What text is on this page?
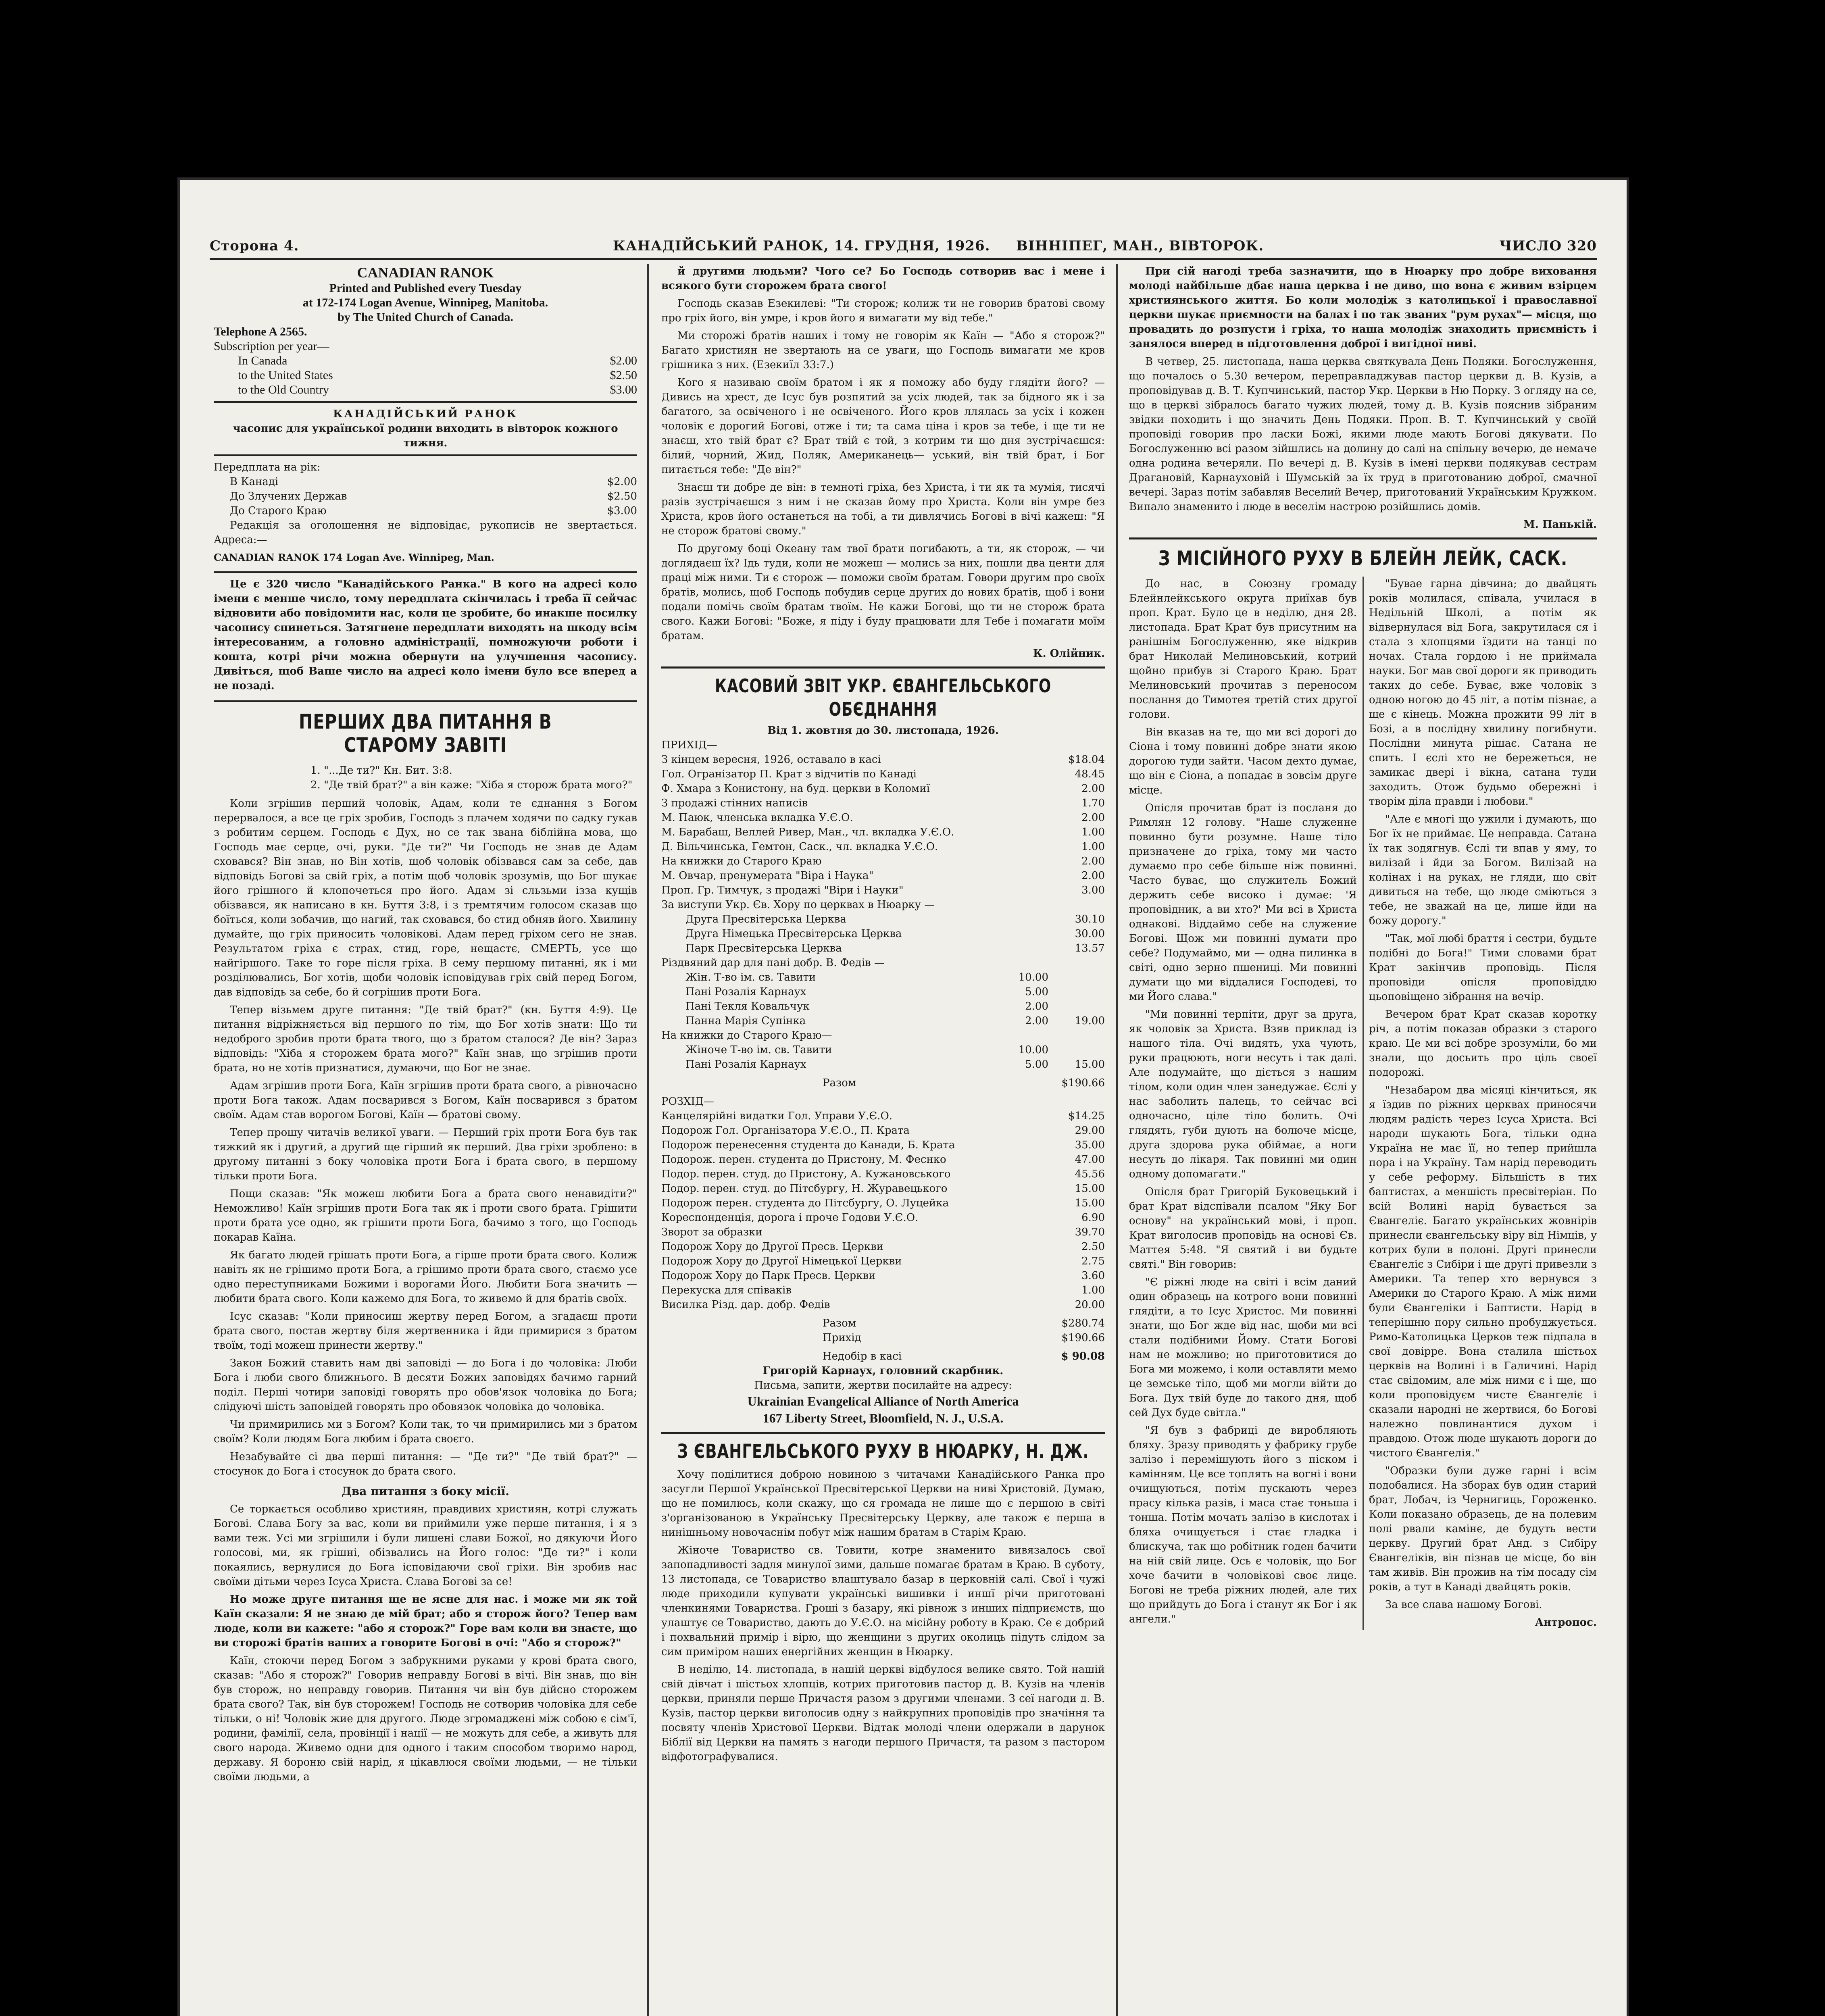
Сторона 4.	КАНАДІЙСЬКИЙ РАНОК, 14. ГРУДНЯ, 1926. ВІННІПЕГ, МАН., ВІВТОРОК.	ЧИСЛО 320
CANADIAN RANOK
Printed and Published every Tuesday
at 172-174 Logan Avenue, Winnipeg, Manitoba.
by The United Church of Canada.
Telephone A 2565.
Subscription per year—
In Canada	$2.00
to the United States	$2.50
to the Old Country	$3.00
КАНАДІЙСЬКИЙ РАНОК
часопис для української родини виходить в вівторок кожного тижня.
Передплата на рік:
В Канаді	$2.00
До Злучених Держав	$2.50
До Старого Краю	$3.00

Редакція за оголошення не відповідає, рукописів не звертається. Адреса:—

CANADIAN RANOK 174 Logan Ave. Winnipeg, Man.

Це є 320 число "Канадійського Ранка." В кого на адресі коло імени є менше число, тому передплата скінчилась і треба її сейчас відновити або повідомити нас, коли це зробите, бо инакше посилку часопису спинеться. Затягнене передплати виходять на шкоду всім інтересованим, а головно адміністрації, помножуючи роботи і кошта, котрі річи можна обернути на улучшення часопису. Дивіться, щоб Ваше число на адресі коло імени було все вперед а не позаді.

ПЕРШИХ ДВА ПИТАННЯ В СТАРОМУ ЗАВІТІ
1. "...Де ти?" Кн. Бит. 3:8.
2. "Де твій брат?" а він каже: "Хіба я сторож брата мого?"

Коли згрішив перший чоловік, Адам, коли те єднання з Богом перервалося, а все це гріх зробив, Господь з плачем ходячи по садку гукав з робитим серцем. Господь є Дух, но се так звана біблійна мова, що Господь має серце, очі, руки. "Де ти?" Чи Господь не знав де Адам сховався? Він знав, но Він хотів, щоб чоловік обізвався сам за себе, дав відповідь Богові за свій гріх, а потім щоб чоловік зрозумів, що Бог шукає його грішного й клопочеться про його. Адам зі сльзьми ізза кущів обізвався, як написано в кн. Буття 3:8, і з тремтячим голосом сказав що боїться, коли зобачив, що нагий, так сховався, бо стид обняв його. Хвилину думайте, що гріх приносить чоловікові. Адам перед гріхом сего не знав. Результатом гріха є страх, стид, горе, нещастє, СМЕРТЬ, усе що найгіршого. Таке то горе після гріха. В сему першому питанні, як і ми розділювались, Бог хотів, щоби чоловік ісповідував гріх свій перед Богом, дав відповідь за себе, бо й согрішив проти Бога.

Тепер візьмем друге питання: "Де твій брат?" (кн. Буття 4:9). Це питання відріжняється від першого по тім, що Бог хотів знати: Що ти недоброго зробив проти брата твого, що з братом сталося? Де він? Зараз відповідь: "Хіба я сторожем брата мого?" Каїн знав, що згрішив проти брата, но не хотів признатися, думаючи, що Бог не знає.

Адам згрішив проти Бога, Каїн згрішив проти брата свого, а рівночасно проти Бога також. Адам посварився з Богом, Каїн посварився з братом своїм. Адам став ворогом Богові, Каїн — братові свому.

Тепер прошу читачів великої уваги. — Перший гріх проти Бога був так тяжкий як і другий, а другий ще гірший як перший. Два гріхи зроблено: в другому питанні з боку чоловіка проти Бога і брата свого, в першому тільки проти Бога.

Пощи сказав: "Як можеш любити Бога а брата свого ненавидіти?" Неможливо! Каїн згрішив проти Бога так як і проти свого брата. Грішити проти брата усе одно, як грішити проти Бога, бачимо з того, що Господь покарав Каїна.

Як багато людей грішать проти Бога, а гірше проти брата свого. Колиж навіть як не грішимо проти Бога, а грішимо проти брата свого, стаємо усе одно переступниками Божими і ворогами Його. Любити Бога значить — любити брата свого. Коли кажемо для Бога, то живемо й для братів своїх.

Ісус сказав: "Коли приносиш жертву перед Богом, а згадаєш проти брата свого, постав жертву біля жертвенника і йди примирися з братом твоїм, тоді можеш принести жертву."

Закон Божий ставить нам дві заповіді — до Бога і до чоловіка: Люби Бога і люби свого ближнього. В десяти Божих заповідях бачимо гарний поділ. Перші чотири заповіді говорять про обов'язок чоловіка до Бога; слідуючі шість заповідей говорять про обовязок чоловіка до чоловіка.

Чи примирились ми з Богом? Коли так, то чи примирились ми з братом своїм? Коли людям Бога любим і брата своєго.

Незабувайте сі два перші питання: — "Де ти?" "Де твій брат?" — стосунок до Бога і стосунок до брата свого.

Два питання з боку місії.

Се торкається особливо християн, правдивих християн, котрі служать Богові. Слава Богу за вас, коли ви приймили уже перше питання, і я з вами теж. Усі ми згрішили і були лишені слави Божої, но дякуючи Його голосові, ми, як грішні, обізвались на Його голос: "Де ти?" і коли покаялись, вернулися до Бога ісповідаючи свої гріхи. Він зробив нас своїми дітьми через Ісуса Христа. Слава Богові за се!

Но може друге питання ще не ясне для нас. і може ми як той Каїн сказали: Я не знаю де мій брат; або я сторож його? Тепер вам люде, коли ви кажете: "або я сторож?" Горе вам коли ви знаєте, що ви сторожі братів ваших а говорите Богові в очі: "Або я сторож?"

Каїн, стоючи перед Богом з забрукними руками у крові брата свого, сказав: "Або я сторож?" Говорив неправду Богові в вічі. Він знав, що він був сторож, но неправду говорив. Питання чи він був дійсно сторожем брата свого? Так, він був сторожем! Господь не сотворив чоловіка для себе тільки, о ні! Чоловік жие для другого. Люде згромаджені між собою є сім'ї, родини, фамілії, села, провінції і нації — не можуть для себе, а живуть для свого народа. Живемо одни для одного і таким способом творимо народ, державу. Я бороню свій нарід, я цікавлюся своїми людьми, — не тільки своїми людьми, а

й другими людьми? Чого се? Бо Господь сотворив вас і мене і всякого бути сторожем брата свого!

Господь сказав Езекилеві: "Ти сторож; колиж ти не говорив братові свому про гріх його, він умре, і кров його я вимагати му від тебе."

Ми сторожі братів наших і тому не говорім як Каїн — "Або я сторож?" Багато християн не звертають на се уваги, що Господь вимагати ме кров грішника з них. (Езекиїл 33:7.)

Кого я називаю своїм братом і як я поможу або буду глядіти його? — Дивись на хрест, де Ісус був розпятий за усіх людей, так за бідного як і за багатого, за освіченого і не освіченого. Його кров ллялась за усіх і кожен чоловік є дорогий Богові, отже і ти; та сама ціна і кров за тебе, і ще ти не знаєш, хто твій брат є? Брат твій є той, з котрим ти що дня зустрічаєшся: білий, чорний, Жид, Поляк, Американець— уський, він твій брат, і Бог питається тебе: "Де він?"

Знаєш ти добре де він: в темноті гріха, без Христа, і ти як та мумія, тисячі разів зустрічаєшся з ним і не сказав йому про Христа. Коли він умре без Христа, кров його останеться на тобі, а ти дивлячись Богові в вічі кажеш: "Я не сторож братові свому."

По другому боці Океану там твої брати погибають, а ти, як сторож, — чи доглядаєш їх? Ідь туди, коли не можеш — молись за них, пошли два центи для праці між ними. Ти є сторож — поможи своїм братам. Говори другим про своїх братів, молись, щоб Господь побудив серце других до нових братів, щоб і вони подали помічь своїм братам твоїм. Не кажи Богові, що ти не сторож брата свого. Кажи Богові: "Боже, я піду і буду працювати для Тебе і помагати моїм братам.

К. Олійник.
КАСОВИЙ ЗВІТ УКР. ЄВАНГЕЛЬСЬКОГО ОБЄДНАННЯ
Від 1. жовтня до 30. листопада, 1926.
ПРИХІД—
З кінцем вересня, 1926, оставало в касі	$18.04
Гол. Огранізатор П. Крат з відчитів по Канаді	48.45
Ф. Хмара з Конистону, на буд. церкви в Коломиї	2.00
З продажі стінних написів	1.70
М. Паюк, членська вкладка У.Є.О.	2.00
М. Барабаш, Веллей Ривер, Ман., чл. вкладка У.Є.О.	1.00
Д. Вільчинська, Гемтон, Саск., чл. вкладка У.Є.О.	1.00
На книжки до Старого Краю	2.00
М. Овчар, пренумерата "Віра і Наука"	2.00
Проп. Гр. Тимчук, з продажі "Віри і Науки"	3.00
За виступи Укр. Єв. Хору по церквах в Нюарку —
Друга Пресвітерська Церква	30.10
Друга Німецька Пресвітерська Церква	30.00
Парк Пресвітерська Церква	13.57
Різдвяний дар для пані добр. В. Федів —
Жін. Т-во ім. св. Тавити	10.00
Пані Розалія Карнаух	5.00
Пані Текля Ковальчук	2.00
Панна Марія Супінка	2.00	19.00
На книжки до Старого Краю—
Жіноче Т-во ім. св. Тавити	10.00
Пані Розалія Карнаух	5.00	15.00
Разом	$190.66
РОЗХІД—
Канцелярійні видатки Гол. Управи У.Є.О.	$14.25
Подорож Гол. Організатора У.Є.О., П. Крата	29.00
Подорож перенесення студента до Канади, Б. Крата	35.00
Подорож. перен. студента до Пристону, М. Феснко	47.00
Подор. перен. студ. до Пристону, А. Кужановського	45.56
Подор. перен. студ. до Пітсбургу, Н. Журавецького	15.00
Подорож перен. студента до Пітсбургу, О. Луцейка	15.00
Кореспонденція, дорога і проче Годови У.Є.О.	6.90
Зворот за образки	39.70
Подорож Хору до Другої Пресв. Церкви	2.50
Подорож Хору до Другої Німецької Церкви	2.75
Подорож Хору до Парк Пресв. Церкви	3.60
Перекуска для співаків	1.00
Висилка Різд. дар. добр. Федів	20.00
Разом	$280.74
Прихід	$190.66
Недобір в касі	$ 90.08
Григорій Карнаух, головний скарбник.
Письма, запити, жертви посилайте на адресу:
Ukrainian Evangelical Alliance of North America
167 Liberty Street, Bloomfield, N. J., U.S.A.
З ЄВАНГЕЛЬСЬКОГО РУХУ В НЮАРКУ, Н. ДЖ.

Хочу поділитися доброю новиною з читачами Канадійського Ранка про засугли Першої Української Пресвітерської Церкви на ниві Христовій. Думаю, що не помилюсь, коли скажу, що ся громада не лише що є першою в світі з'організованою в Українську Пресвітерську Церкву, але також є перша в нинішньому новочаснім побут між нашим братам в Старім Краю.

Жіноче Товариство св. Товити, котре знаменито вивязалось свої запопадливості задля минулої зими, дальше помагає братам в Краю. В суботу, 13 листопада, се Товариство влаштувало базар в церковній салі. Свої і чужі люде приходили купувати українські вишивки і иншї річи приготовані членкинями Товариства. Гроші з базару, які рівнож з инших підприємств, що улаштує се Товариство, дають до У.Є.О. на місійну роботу в Краю. Се є добрий і похвальний примір і вірю, що женщини з других околиць підуть слідом за сим приміром наших енергійних женщин в Нюарку.

В неділю, 14. листопада, в нашій церкві відбулося велике свято. Той нашій свій дівчат і шістьох хлопців, котрих приготовив пастор д. В. Кузів на членів церкви, приняли перше Причастя разом з другими членами. З сеї нагоди д. В. Кузів, пастор церкви виголосив одну з найкрупних проповідів про значіння та посвяту членів Христової Церкви. Відтак молоді члени одержали в дарунок Біблії від Церкви на память з нагоди першого Причастя, та разом з пастором відфотографувалися.

При сій нагоді треба зазначити, що в Нюарку про добре виховання молоді найбільше дбає наша церква і не диво, що вона є живим взірцем християнського життя. Бо коли молодіж з католицької і православної церкви шукає приємности на балах і по так званих "рум рухах"— місця, що провадить до розпусти і гріха, то наша молодіж знаходить приємність і занялося вперед в підготовлення доброї і вигідної ниві.

В четвер, 25. листопада, наша церква святкувала День Подяки. Богослуження, що почалось о 5.30 вечером, переправладжував пастор церкви д. В. Кузів, а проповідував д. В. Т. Купчинський, пастор Укр. Церкви в Ню Порку. З огляду на се, що в церкві зібралось багато чужих людей, тому д. В. Кузів пояснив зібраним звідки походить і що значить День Подяки. Проп. В. Т. Купчинський у своїй проповіді говорив про ласки Божі, якими люде мають Богові дякувати. По Богослуженню всі разом зійшлись на долину до салі на спільну вечерю, де немаче одна родина вечеряли. По вечері д. В. Кузів в імені церкви подякував сестрам Драгановій, Карнауховій і Шумській за їх труд в приготованию доброї, смачної вечері. Зараз потім забавляв Веселий Вечер, приготований Українським Кружком. Випало знаменито і люде в веселім настрою розійшлись домів.

М. Панькій.
З МІСІЙНОГО РУХУ В БЛЕЙН ЛЕЙК, САСК.

До нас, в Союзну громаду Блейнлейкського округа приїхав був проп. Крат. Було це в неділю, дня 28. листопада. Брат Крат був присутним на ранішнім Богослуженню, яке відкрив брат Николай Мелиновський, котрий щойно прибув зі Старого Краю. Брат Мелиновський прочитав з переносом послання до Тимотея третій стих другої голови.

Він вказав на те, що ми всі дорогі до Сіона і тому повинні добре знати якою дорогою туди зайти. Часом дехто думає, що він є Сіона, а попадає в зовсім друге місце.

Опісля прочитав брат із посланя до Римлян 12 голову. "Наше служенне повинно бути розумне. Наше тіло призначене до гріха, тому ми часто думаємо про себе більше ніж повинні. Часто буває, що служитель Божий держить себе високо і думає: 'Я проповідник, а ви хто?' Ми всі в Христа однакові. Віддаймо себе на служение Богові. Щож ми повинні думати про себе? Подумаймо, ми — одна пилинка в світі, одно зерно пшениці. Ми повинні думати що ми віддалися Господеві, то ми Його слава."

"Ми повинні терпіти, друг за друга, як чоловік за Христа. Взяв приклад із нашого тіла. Очі видять, уха чують, руки працюють, ноги несуть і так далі. Але подумайте, що діється з нашим тілом, коли один член занедужає. Єслі у нас заболить палець, то сейчас всі одночасно, ціле тіло болить. Очі глядять, губи дують на болюче місце, друга здорова рука обіймає, а ноги несуть до лікаря. Так повинні ми один одному допомагати."

Опісля брат Григорій Буковецький і брат Крат відспівали псалом "Яку Бог основу" на український мові, і проп. Крат виголосив проповідь на основі Єв. Маттея 5:48. "Я святий і ви будьте святі." Він говорив:

"Є ріжні люде на світі і всім даний один образець на котрого вони повинні глядіти, а то Ісус Христос. Ми повинні знати, що Бог жде від нас, щоби ми всі стали подібними Йому. Стати Богові нам не можливо; но приготовитися до Бога ми можемо, і коли оставляти мемо це земське тіло, щоб ми могли війти до Бога. Дух твій буде до такого дня, щоб сей Дух буде світла."

"Я був з фабриці де виробляють бляху. Зразу приводять у фабрику грубе залізо і перемішують його з піском і камінням. Це все топлять на вогні і вони очищуються, потім пускають через прасу кілька разів, і маса стає тоньша і тонша. Потім мочать залізо в кислотах і бляха очищується і стає гладка і блискуча, так що робітник годен бачити на ній свій лице. Ось є чоловік, що Бог хоче бачити в чоловікові своє лице. Богові не треба ріжних людей, але тих що прийдуть до Бога і станут як Бог і як ангели."

"Бувае гарна дівчина; до двайцять років молилася, співала, училася в Недільній Школі, а потім як відвернулася від Бога, закрутилася ся і стала з хлопцями їздити на танці по ночах. Стала гордою і не приймала науки. Бог мав свої дороги як приводить таких до себе. Буває, вже чоловік з одною ногою до 45 літ, а потім пізнає, а ще є кінець. Можна прожити 99 літ в Бозі, а в послідну хвилину погибнути. Послідни минута рішає. Сатана не спить. І єслі хто не бережеться, не замикає двері і вікна, сатана туди заходить. Отож будьмо обережні і творім діла правди і любови."

"Але є многі що ужили і думають, що Бог їх не приймає. Це неправда. Сатана їх так зодягнув. Єслі ти впав у яму, то вилізай і йди за Богом. Вилізай на колінах і на руках, не гляди, що світ дивиться на тебе, що люде сміються з тебе, не зважай на це, лише йди на божу дорогу."

"Так, мої любі браття і сестри, будьте подібні до Бога!" Тими словами брат Крат закінчив проповідь. Після проповіди опісля проповіддю цьоповіщено зібрання на вечір.

Вечером брат Крат сказав коротку річ, а потім показав образки з старого краю. Це ми всі добре зрозуміли, бо ми знали, що досьить про ціль своєї подорожі.

"Незабаром два місяці кінчиться, як я їздив по ріжних церквах приносячи людям радість через Ісуса Христа. Всі народи шукають Бога, тільки одна Україна не має її, но тепер прийшла пора і на Україну. Там нарід переводить у себе реформу. Більшість в тих баптистах, а меншість пресвітеріан. По всій Волині нарід бувається за Євангеліє. Багато українських жовнірів принесли євангельську віру від Німців, у котрих були в полоні. Другі принесли Євангеліє з Сибіри і ще другі привезли з Америки. Та тепер хто вернувся з Америки до Старого Краю. А між ними були Євангеліки і Баптисти. Нарід в теперішню пору сильно пробуджується. Римо-Католицька Церков теж підпала в свої довірре. Вона сталила шістьох церквів на Волині і в Галичині. Нарід стає свідомим, але між ними є і ще, що коли проповідуєм чисте Євангеліє і сказали народні не жертвися, бо Богові належно повлинантися духом і правдою. Отож люде шукають дороги до чистого Євангелія."

"Образки були дуже гарні і всім подобалися. На зборах був один старий брат, Лобач, із Чернигиць, Гороженко. Коли показано образець, де на полевим полі рвали камінє, де будуть вести церкву. Другий брат Анд. з Сибіру Євангеліків, він пізнав це місце, бо він там живів. Він прожив на тім посаду сім років, а тут в Канаді двайцять років.

За все слава нашому Богові.

Антропос.
